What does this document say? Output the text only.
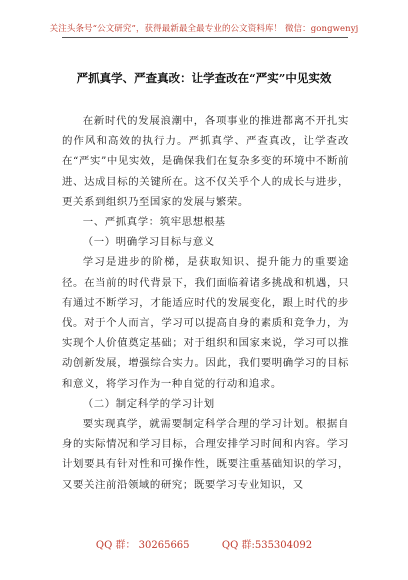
关注头条号“公文研究”，获得最新最全最专业的公文资料库！ 微信：gongwenyj
严抓真学、严查真改：让学查改在“严实”中见实效

在新时代的发展浪潮中，各项事业的推进都离不开扎实的作风和高效的执行力。严抓真学、严查真改，让学查改在“严实”中见实效，是确保我们在复杂多变的环境中不断前进、达成目标的关键所在。这不仅关乎个人的成长与进步，更关系到组织乃至国家的发展与繁荣。

一、严抓真学：筑牢思想根基

（一）明确学习目标与意义

学习是进步的阶梯，是获取知识、提升能力的重要途径。在当前的时代背景下，我们面临着诸多挑战和机遇，只有通过不断学习，才能适应时代的发展变化，跟上时代的步伐。对于个人而言，学习可以提高自身的素质和竞争力，为实现个人价值奠定基础；对于组织和国家来说，学习可以推动创新发展，增强综合实力。因此，我们要明确学习的目标和意义，将学习作为一种自觉的行动和追求。

（二）制定科学的学习计划

要实现真学，就需要制定科学合理的学习计划。根据自身的实际情况和学习目标，合理安排学习时间和内容。学习计划要具有针对性和可操作性，既要注重基础知识的学习，又要关注前沿领域的研究；既要学习专业知识，又

QQ 群： 30265665	QQ 群:535304092
